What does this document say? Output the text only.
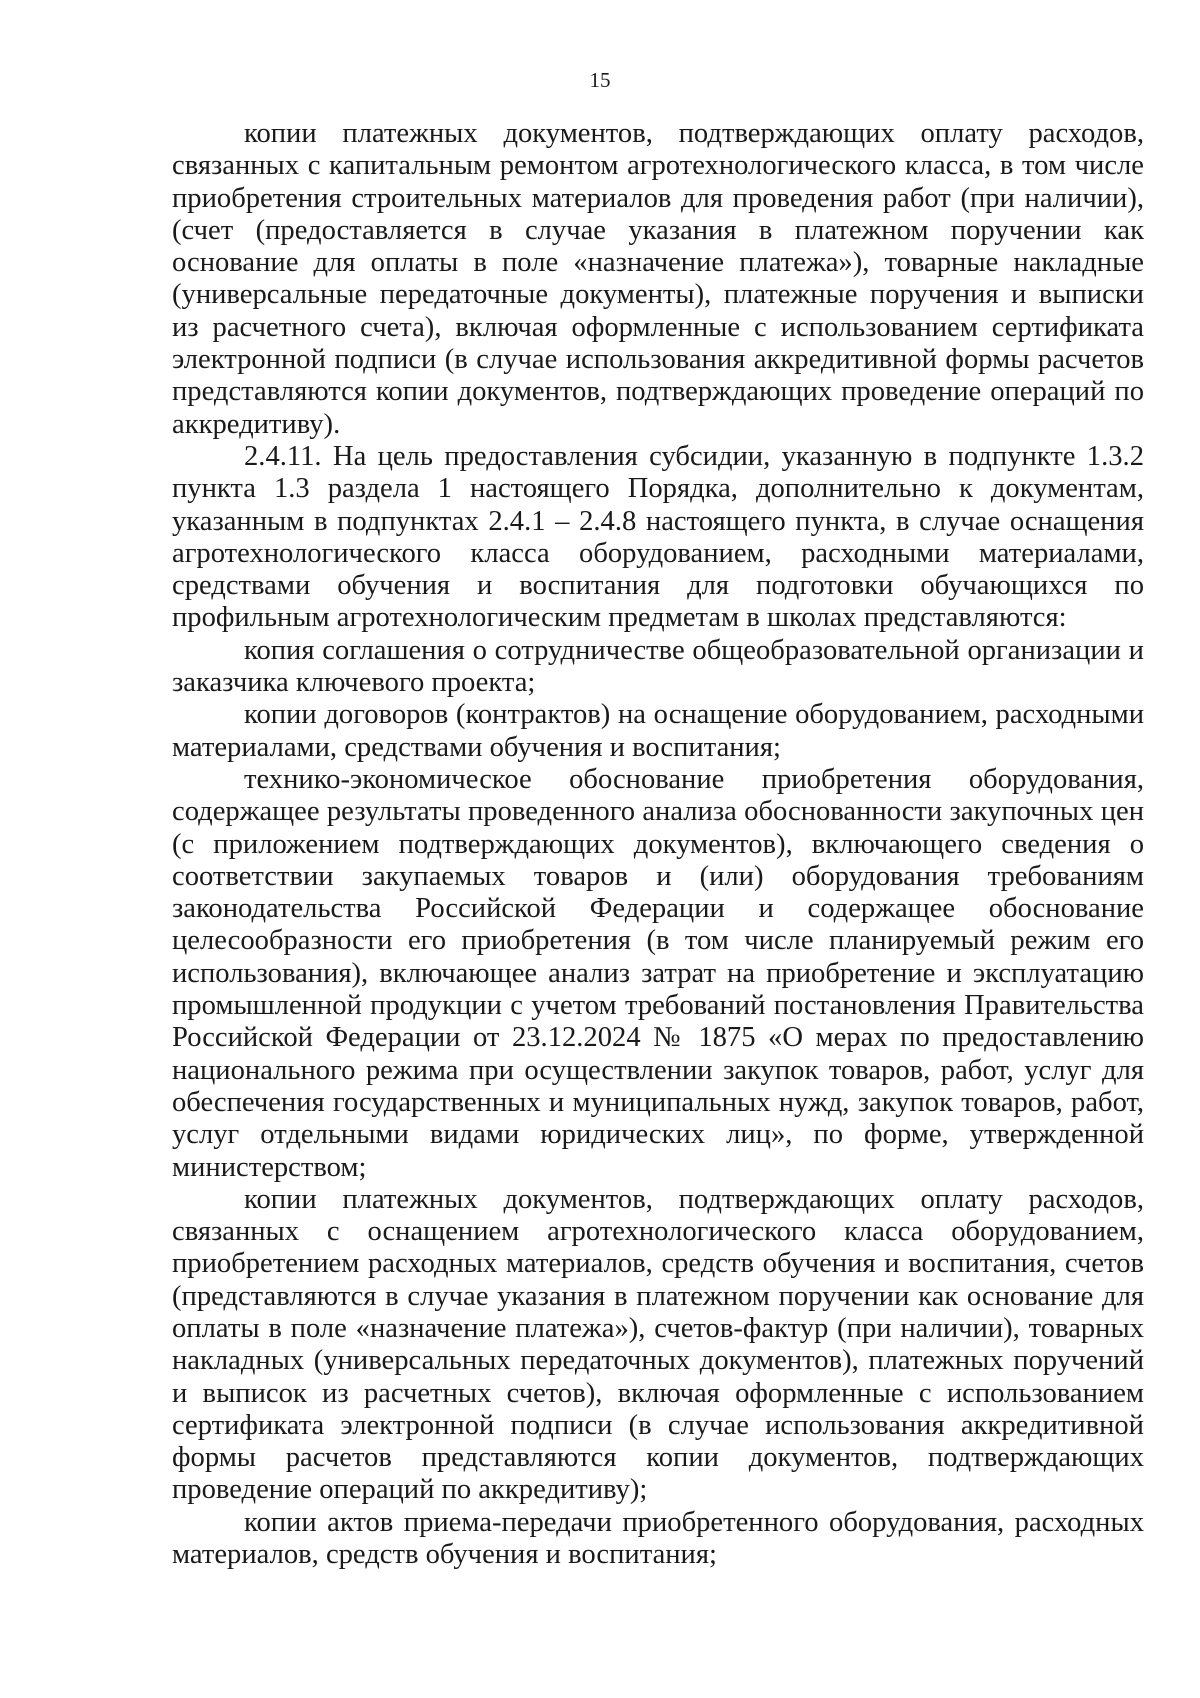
15

копии платежных документов, подтверждающих оплату расходов, связанных с капитальным ремонтом агротехнологического класса, в том числе приобретения строительных материалов для проведения работ (при наличии), (счет (предоставляется в случае указания в платежном поручении как основание для оплаты в поле «назначение платежа»), товарные накладные (универсальные передаточные документы), платежные поручения и выписки из расчетного счета), включая оформленные с использованием сертификата электронной подписи (в случае использования аккредитивной формы расчетов представляются копии документов, подтверждающих проведение операций по аккредитиву).

2.4.11. На цель предоставления субсидии, указанную в подпункте 1.3.2 пункта 1.3 раздела 1 настоящего Порядка, дополнительно к документам, указанным в подпунктах 2.4.1 – 2.4.8 настоящего пункта, в случае оснащения агротехнологического класса оборудованием, расходными материалами, средствами обучения и воспитания для подготовки обучающихся по профильным агротехнологическим предметам в школах представляются:

копия соглашения о сотрудничестве общеобразовательной организации и заказчика ключевого проекта;

копии договоров (контрактов) на оснащение оборудованием, расходными материалами, средствами обучения и воспитания;

технико-экономическое обоснование приобретения оборудования, содержащее результаты проведенного анализа обоснованности закупочных цен (с приложением подтверждающих документов), включающего сведения о соответствии закупаемых товаров и (или) оборудования требованиям законодательства Российской Федерации и содержащее обоснование целесообразности его приобретения (в том числе планируемый режим его использования), включающее анализ затрат на приобретение и эксплуатацию промышленной продукции с учетом требований постановления Правительства Российской Федерации от 23.12.2024 № 1875 «О мерах по предоставлению национального режима при осуществлении закупок товаров, работ, услуг для обеспечения государственных и муниципальных нужд, закупок товаров, работ, услуг отдельными видами юридических лиц», по форме, утвержденной министерством;

копии платежных документов, подтверждающих оплату расходов, связанных с оснащением агротехнологического класса оборудованием, приобретением расходных материалов, средств обучения и воспитания, счетов (представляются в случае указания в платежном поручении как основание для оплаты в поле «назначение платежа»), счетов-фактур (при наличии), товарных накладных (универсальных передаточных документов), платежных поручений и выписок из расчетных счетов), включая оформленные с использованием сертификата электронной подписи (в случае использования аккредитивной формы расчетов представляются копии документов, подтверждающих проведение операций по аккредитиву);

копии актов приема-передачи приобретенного оборудования, расходных материалов, средств обучения и воспитания;
